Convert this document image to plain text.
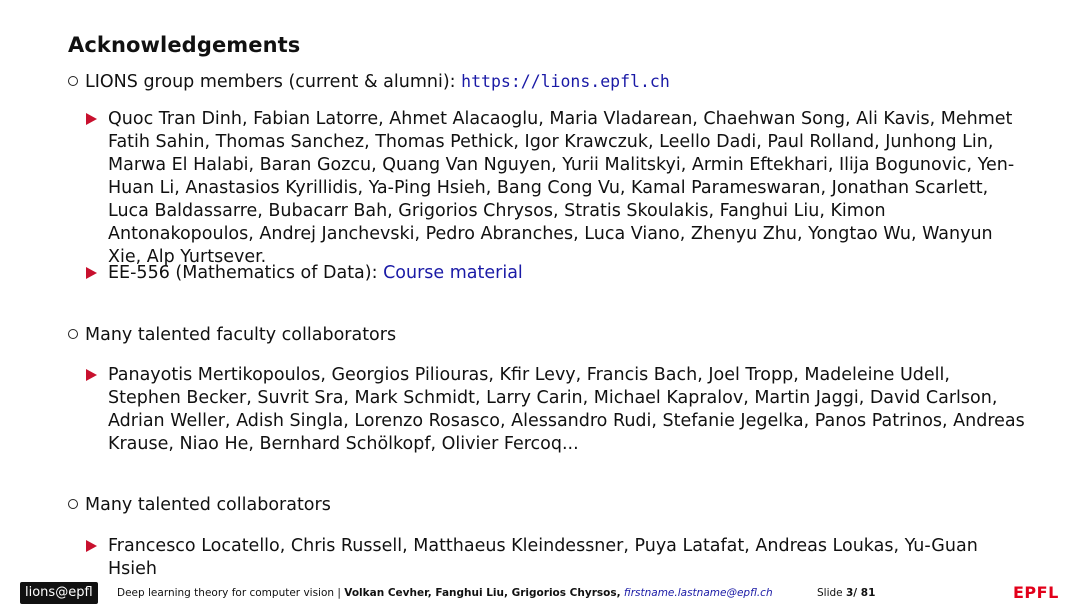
Acknowledgements
LIONS group members (current & alumni): https://lions.epfl.ch
Quoc Tran Dinh, Fabian Latorre, Ahmet Alacaoglu, Maria Vladarean, Chaehwan Song, Ali Kavis, Mehmet Fatih Sahin, Thomas Sanchez, Thomas Pethick, Igor Krawczuk, Leello Dadi, Paul Rolland, Junhong Lin, Marwa El Halabi, Baran Gozcu, Quang Van Nguyen, Yurii Malitskyi, Armin Eftekhari, Ilija Bogunovic, Yen-Huan Li, Anastasios Kyrillidis, Ya-Ping Hsieh, Bang Cong Vu, Kamal Parameswaran, Jonathan Scarlett, Luca Baldassarre, Bubacarr Bah, Grigorios Chrysos, Stratis Skoulakis, Fanghui Liu, Kimon Antonakopoulos, Andrej Janchevski, Pedro Abranches, Luca Viano, Zhenyu Zhu, Yongtao Wu, Wanyun Xie, Alp Yurtsever.
EE-556 (Mathematics of Data): Course material
Many talented faculty collaborators
Panayotis Mertikopoulos, Georgios Piliouras, Kfir Levy, Francis Bach, Joel Tropp, Madeleine Udell, Stephen Becker, Suvrit Sra, Mark Schmidt, Larry Carin, Michael Kapralov, Martin Jaggi, David Carlson, Adrian Weller, Adish Singla, Lorenzo Rosasco, Alessandro Rudi, Stefanie Jegelka, Panos Patrinos, Andreas Krause, Niao He, Bernhard Schölkopf, Olivier Fercoq...
Many talented collaborators
Francesco Locatello, Chris Russell, Matthaeus Kleindessner, Puya Latafat, Andreas Loukas, Yu-Guan Hsieh
lions@epfl	Deep learning theory for computer vision | Volkan Cevher, Fanghui Liu, Grigorios Chyrsos, firstname.lastname@epfl.ch	Slide 3/ 81	EPFL
